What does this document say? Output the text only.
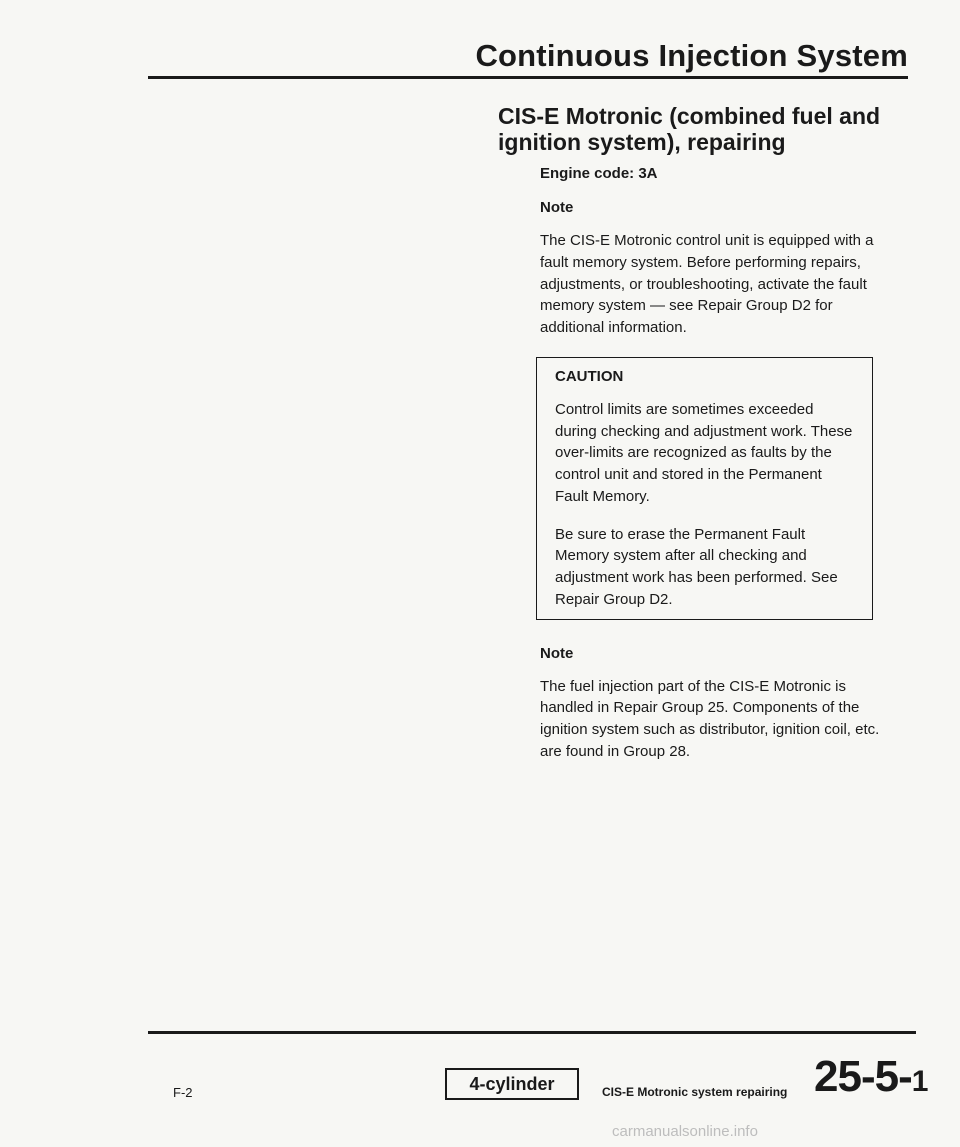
Continuous Injection System
CIS-E Motronic (combined fuel and ignition system), repairing

Engine code: 3A

Note

The CIS-E Motronic control unit is equipped with a fault memory system. Before performing repairs, adjustments, or troubleshooting, activate the fault memory system — see Repair Group D2 for additional information.

CAUTION

Control limits are sometimes exceeded during checking and adjustment work. These over-limits are recognized as faults by the control unit and stored in the Permanent Fault Memory.

Be sure to erase the Permanent Fault Memory system after all checking and adjustment work has been performed. See Repair Group D2.

Note

The fuel injection part of the CIS-E Motronic is handled in Repair Group 25. Components of the ignition system such as distributor, ignition coil, etc. are found in Group 28.

F-2	4-cylinder	CIS-E Motronic system repairing 25-5-1
carmanualsonline.info
